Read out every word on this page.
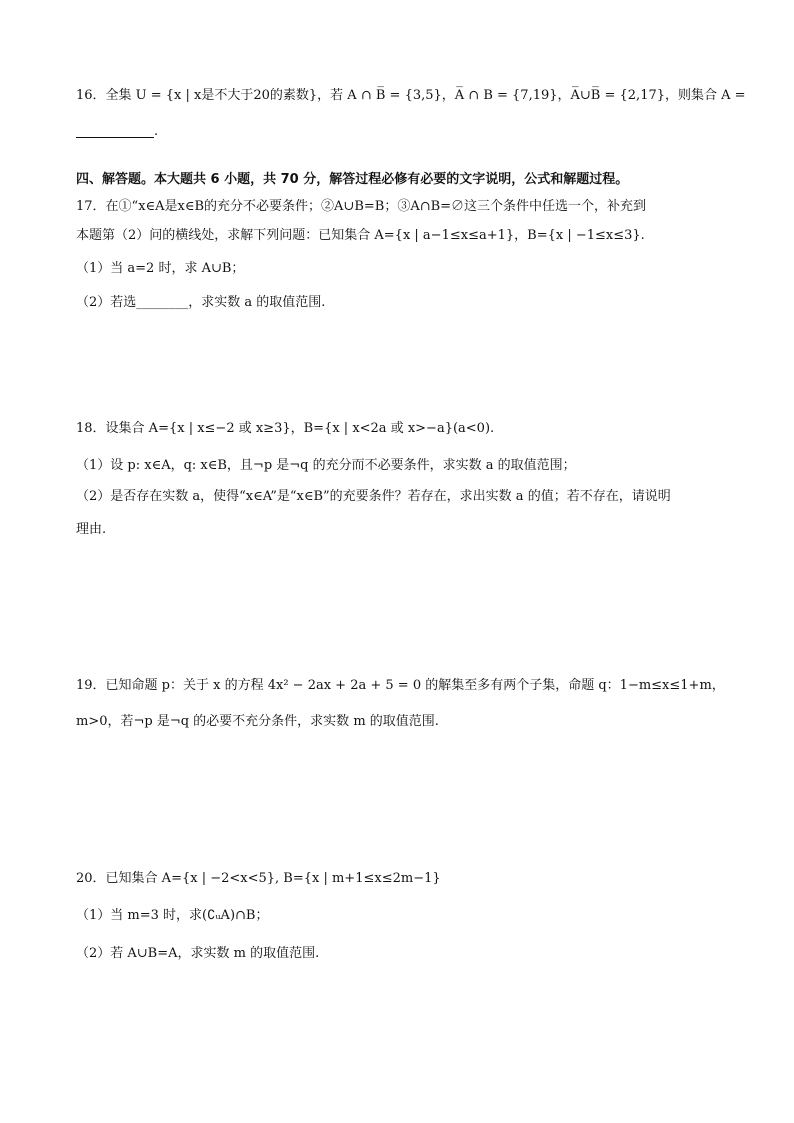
16．全集 U = {x | x是不大于20的素数}，若 A ∩ B̅ = {3,5}，A̅ ∩ B = {7,19}，A̅∪B̅ = {2,17}，则集合 A =
.
四、解答题。本大题共 6 小题，共 70 分，解答过程必修有必要的文字说明，公式和解题过程。
17．在①“x∈A是x∈B的充分不必要条件；②A∪B=B；③A∩B=∅这三个条件中任选一个，补充到
本题第（2）问的横线处，求解下列问题：已知集合 A={x | a−1≤x≤a+1}，B={x | −1≤x≤3}.
（1）当 a=2 时，求 A∪B；
（2）若选________，求实数 a 的取值范围.
18．设集合 A={x | x≤−2 或 x≥3}，B={x | x<2a 或 x>−a}(a<0).
（1）设 p: x∈A，q: x∈B，且¬p 是¬q 的充分而不必要条件，求实数 a 的取值范围；
（2）是否存在实数 a，使得“x∈A”是“x∈B”的充要条件？若存在，求出实数 a 的值；若不存在，请说明
理由.
19．已知命题 p：关于 x 的方程 4x² − 2ax + 2a + 5 = 0 的解集至多有两个子集，命题 q：1−m≤x≤1+m，
m>0，若¬p 是¬q 的必要不充分条件，求实数 m 的取值范围.
20．已知集合 A={x | −2<x<5}, B={x | m+1≤x≤2m−1}
（1）当 m=3 时，求(∁ᵤA)∩B；
（2）若 A∪B=A，求实数 m 的取值范围.
